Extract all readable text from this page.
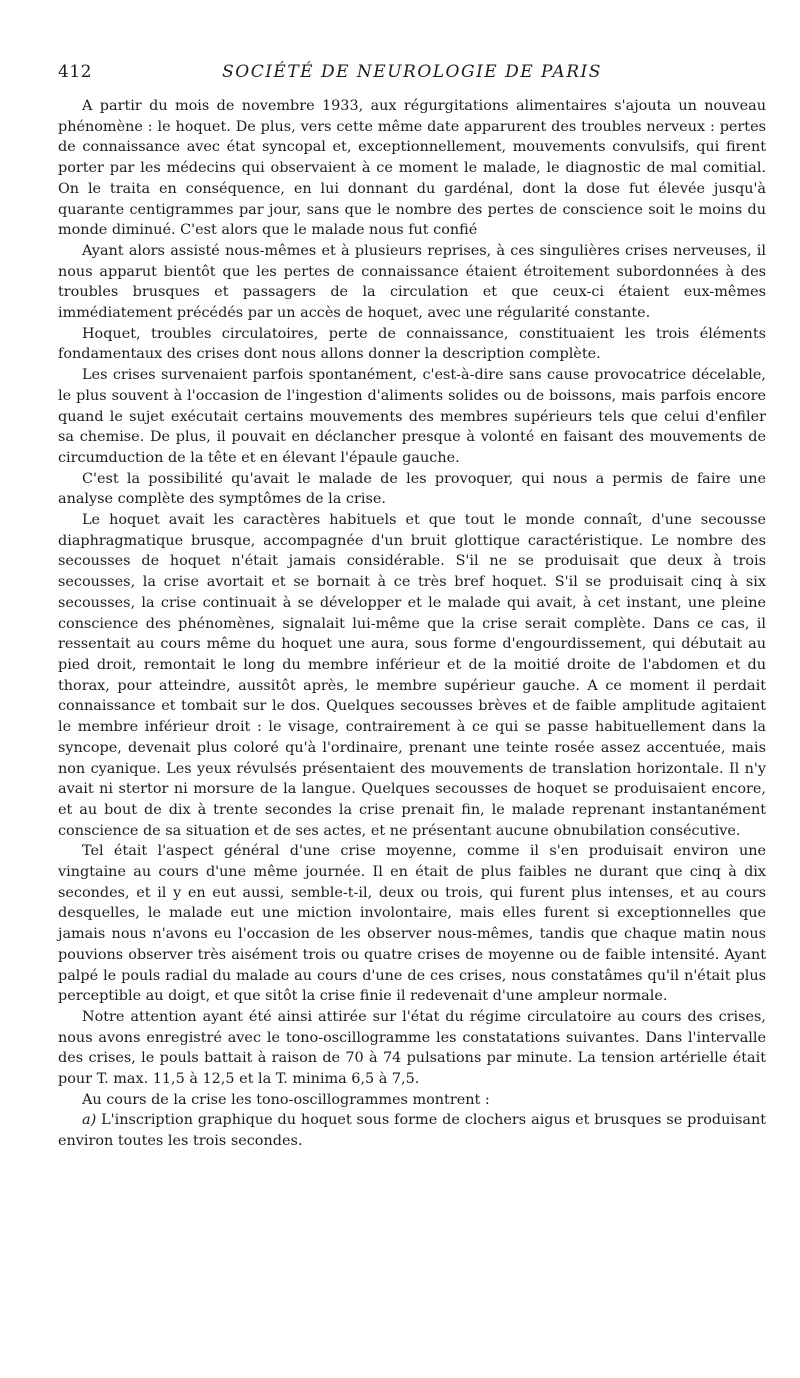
412	SOCIÉTÉ DE NEUROLOGIE DE PARIS

A partir du mois de novembre 1933, aux régurgitations alimentaires s'ajouta un nouveau phénomène : le hoquet. De plus, vers cette même date apparurent des troubles nerveux : pertes de connaissance avec état syncopal et, exceptionnellement, mouvements convulsifs, qui firent porter par les médecins qui observaient à ce moment le malade, le diagnostic de mal comitial. On le traita en conséquence, en lui donnant du gardénal, dont la dose fut élevée jusqu'à quarante centigrammes par jour, sans que le nombre des pertes de conscience soit le moins du monde diminué. C'est alors que le malade nous fut confié

Ayant alors assisté nous-mêmes et à plusieurs reprises, à ces singulières crises nerveuses, il nous apparut bientôt que les pertes de connaissance étaient étroitement subordonnées à des troubles brusques et passagers de la circulation et que ceux-ci étaient eux-mêmes immédiatement précédés par un accès de hoquet, avec une régularité constante.

Hoquet, troubles circulatoires, perte de connaissance, constituaient les trois éléments fondamentaux des crises dont nous allons donner la description complète.

Les crises survenaient parfois spontanément, c'est-à-dire sans cause provocatrice décelable, le plus souvent à l'occasion de l'ingestion d'aliments solides ou de boissons, mais parfois encore quand le sujet exécutait certains mouvements des membres supérieurs tels que celui d'enfiler sa chemise. De plus, il pouvait en déclancher presque à volonté en faisant des mouvements de circumduction de la tête et en élevant l'épaule gauche.

C'est la possibilité qu'avait le malade de les provoquer, qui nous a permis de faire une analyse complète des symptômes de la crise.

Le hoquet avait les caractères habituels et que tout le monde connaît, d'une secousse diaphragmatique brusque, accompagnée d'un bruit glottique caractéristique. Le nombre des secousses de hoquet n'était jamais considérable. S'il ne se produisait que deux à trois secousses, la crise avortait et se bornait à ce très bref hoquet. S'il se produisait cinq à six secousses, la crise continuait à se développer et le malade qui avait, à cet instant, une pleine conscience des phénomènes, signalait lui-même que la crise serait complète. Dans ce cas, il ressentait au cours même du hoquet une aura, sous forme d'engourdissement, qui débutait au pied droit, remontait le long du membre inférieur et de la moitié droite de l'abdomen et du thorax, pour atteindre, aussitôt après, le membre supérieur gauche. A ce moment il perdait connaissance et tombait sur le dos. Quelques secousses brèves et de faible amplitude agitaient le membre inférieur droit : le visage, contrairement à ce qui se passe habituellement dans la syncope, devenait plus coloré qu'à l'ordinaire, prenant une teinte rosée assez accentuée, mais non cyanique. Les yeux révulsés présentaient des mouvements de translation horizontale. Il n'y avait ni stertor ni morsure de la langue. Quelques secousses de hoquet se produisaient encore, et au bout de dix à trente secondes la crise prenait fin, le malade reprenant instantanément conscience de sa situation et de ses actes, et ne présentant aucune obnubilation consécutive.

Tel était l'aspect général d'une crise moyenne, comme il s'en produisait environ une vingtaine au cours d'une même journée. Il en était de plus faibles ne durant que cinq à dix secondes, et il y en eut aussi, semble-t-il, deux ou trois, qui furent plus intenses, et au cours desquelles, le malade eut une miction involontaire, mais elles furent si exceptionnelles que jamais nous n'avons eu l'occasion de les observer nous-mêmes, tandis que chaque matin nous pouvions observer très aisément trois ou quatre crises de moyenne ou de faible intensité. Ayant palpé le pouls radial du malade au cours d'une de ces crises, nous constatâmes qu'il n'était plus perceptible au doigt, et que sitôt la crise finie il redevenait d'une ampleur normale.

Notre attention ayant été ainsi attirée sur l'état du régime circulatoire au cours des crises, nous avons enregistré avec le tono-oscillogramme les constatations suivantes. Dans l'intervalle des crises, le pouls battait à raison de 70 à 74 pulsations par minute. La tension artérielle était pour T. max. 11,5 à 12,5 et la T. minima 6,5 à 7,5.

Au cours de la crise les tono-oscillogrammes montrent :

a) L'inscription graphique du hoquet sous forme de clochers aigus et brusques se produisant environ toutes les trois secondes.
